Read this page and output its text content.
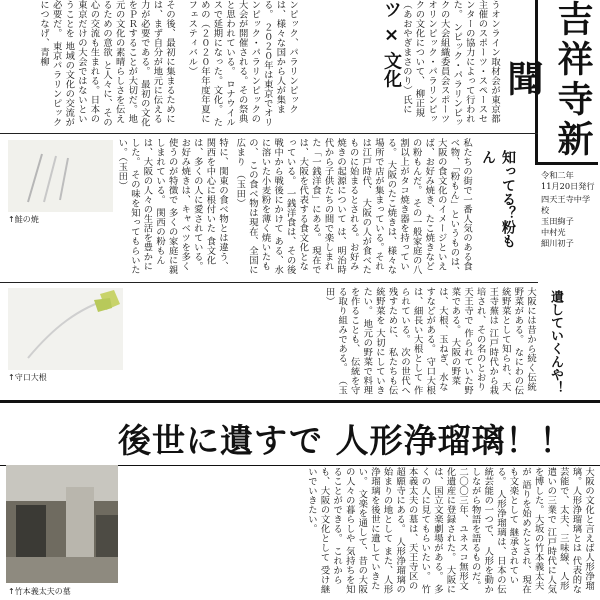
吉祥寺新聞
令和二年
11月20日発行
四天王寺中学校
玉田絢子
中村光
細川初子
うオンライン取材会が東京都主催のスポーツ・スペースセンターの協力によって行われた。 ンピック・パラリンピックの大会組織委員会スポーツ オリンピック・パラリンピックの文化について、 柳正規（あおやぎまさのり）氏に
ンピック、パラリンピックは、様々な国から人が集まる。 ２０２０年は東京でオリンピック・パラリンピックの大会が開催される。その祭典と思われている。 ロナウイルスで延期になった。文化。 ための（２０２０年年度年夏にフェスティバル）
その後、最初に集まるためには、まず自分が地元に伝える力が必要である。 最初の文化をＰＲすることが大切だ。地元の文化の素晴らしさを伝えるための意欲 と人々に、その心の交流も生まれる。日本の 東京だけの大会ではないということを 地域の文化の交流が必要だ。 東京パラリンピックにつなげ、青柳	ツ × 文化
私たちの街で一番人気のある食べ物、「粉もん」というものは、 大阪の食文化のイメージといえば、お好み焼き、たこ焼きなどの粉もんだ。 その一般家庭の八割以上がタコ焼き器を持っている。 大阪のたこ焼きは、様々な場所で店が集まっている。それは江戸時代、 大阪の人が食べたものに始まるとされる。お好み焼きの起源について は、明治時代から子供たちの間で楽しまれた「一銭洋食」にある。 現在では、大阪を代表する食文化となっている。 一銭洋食は、その後戦中から戦後にかけて ある、水に溶いた小麦粉を薄く焼いたもの、 この食べ物は現在、全国に広まり （玉田）	知ってる？粉もん
特に、関東の食べ物とは違う、関西を中心に根付いた 食文化は、多くの人に愛されている。 お好み焼きは、キャベツを多く使うのが特徴で 多くの家庭に親しまれている。 関西の粉もんは、大阪の人々の生活を豊かにした。 その味を知ってもらいたい。（玉田）
↑鮭の焼
遺していくんや！
大阪には昔から続く伝統野菜がある。 なにわの伝統野菜として知られ、天王寺蕪は 江戸時代から栽培され、その名のとおり天王寺で 作られていた野菜である。 大阪の野菜は、大根、玉ねぎ、水なすなどがある。 守口大根は、細長い大根として 作られている。 次の世代へ残すために、 私たちも伝統野菜を 大切にしていきたい。 地元の野菜で料理を作ることも、 伝統を守る取り組みである。 （玉田）
↑守口大根
後世に遺すで 人形浄瑠璃！！
↑竹本義太夫の墓
大阪の文化と言えば人形浄瑠璃。人形浄瑠璃とは 代表的な芸能で、太夫、三味線、人形遣いの三業で 江戸時代に人気を博した。大坂の竹本義太夫が 語りを始めたとされ、現在も文楽として 継承されている。 人形浄瑠璃は、日本の伝統芸能の一つで、 人形を動かしながら物語を語るものだ。 二〇〇三年、ユネスコ無形文化遺産に登録された。 大阪には、国立文楽劇場がある。 多くの人に見てもらいたい。 竹本義太夫の墓は、天王寺区の超願寺にある。 人形浄瑠璃の始まりの地として また、人形浄瑠璃を後世に遺していきたい。 文楽を通して、昔の大阪の人々の暮らしや 気持ちを知ることができる。 これからも、大阪の文化として 受け継いでいきたい。
